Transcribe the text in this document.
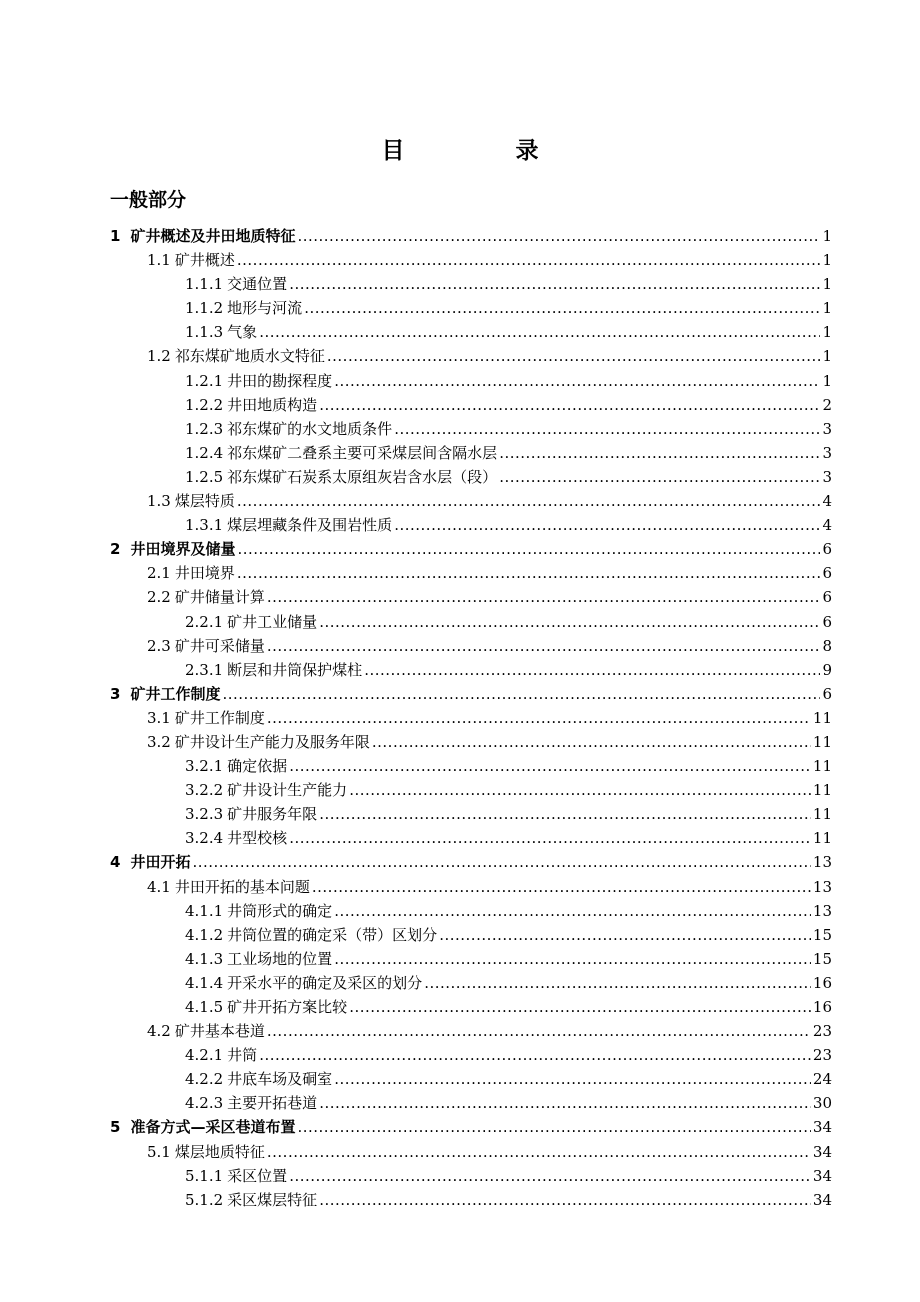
目　录
一般部分
1 矿井概述及井田地质特征 .....	1
1.1 矿井概述 .....	1
1.1.1 交通位置 .....	1
1.1.2 地形与河流 .....	1
1.1.3 气象 .....	1
1.2 祁东煤矿地质水文特征 .....	1
1.2.1 井田的勘探程度 .....	1
1.2.2 井田地质构造 .....	2
1.2.3 祁东煤矿的水文地质条件 .....	3
1.2.4 祁东煤矿二叠系主要可采煤层间含隔水层 .....	3
1.2.5 祁东煤矿石炭系太原组灰岩含水层（段） .....	3
1.3 煤层特质 .....	4
1.3.1 煤层埋藏条件及围岩性质 .....	4
2 井田境界及储量 .....	6
2.1 井田境界 .....	6
2.2 矿井储量计算 .....	6
2.2.1 矿井工业储量 .....	6
2.3 矿井可采储量 .....	8
2.3.1 断层和井筒保护煤柱 .....	9
3 矿井工作制度 .....	6
3.1 矿井工作制度 .....	11
3.2 矿井设计生产能力及服务年限 .....	11
3.2.1 确定依据 .....	11
3.2.2 矿井设计生产能力 .....	11
3.2.3 矿井服务年限 .....	11
3.2.4 井型校核 .....	11
4 井田开拓 .....	13
4.1 井田开拓的基本问题 .....	13
4.1.1 井筒形式的确定 .....	13
4.1.2 井筒位置的确定采（带）区划分 .....	15
4.1.3 工业场地的位置 .....	15
4.1.4 开采水平的确定及采区的划分 .....	16
4.1.5 矿井开拓方案比较 .....	16
4.2 矿井基本巷道 .....	23
4.2.1 井筒 .....	23
4.2.2 井底车场及硐室 .....	24
4.2.3 主要开拓巷道 .....	30
5 准备方式—采区巷道布置 .....	34
5.1 煤层地质特征 .....	34
5.1.1 采区位置 .....	34
5.1.2 采区煤层特征 .....	34
